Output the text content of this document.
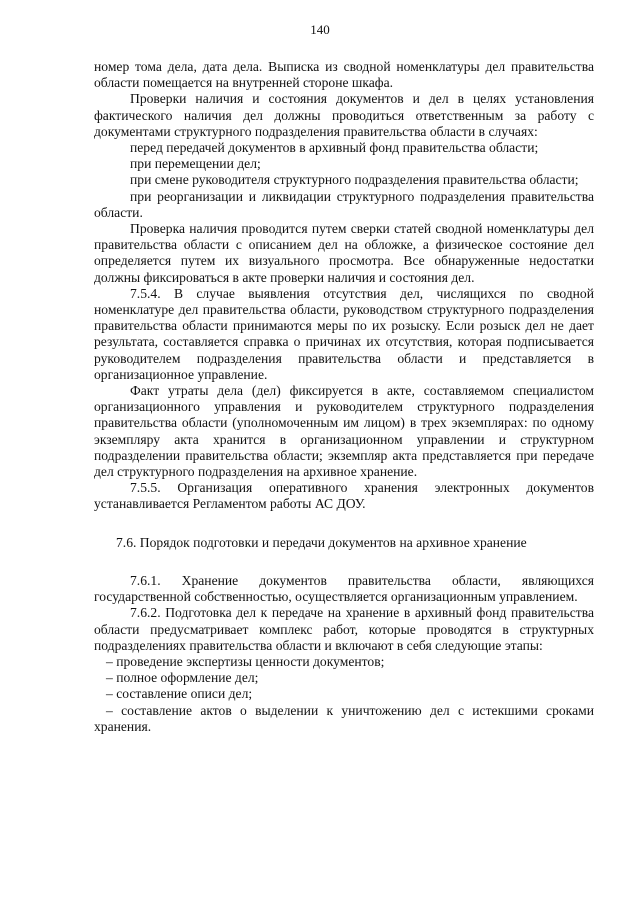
140

номер тома дела, дата дела. Выписка из сводной номенклатуры дел правительства области помещается на внутренней стороне шкафа.

Проверки наличия и состояния документов и дел в целях установления фактического наличия дел должны проводиться ответственным за работу с документами структурного подразделения правительства области в случаях:

перед передачей документов в архивный фонд правительства области;

при перемещении дел;

при смене руководителя структурного подразделения правительства области;

при реорганизации и ликвидации структурного подразделения правительства области.

Проверка наличия проводится путем сверки статей сводной номенклатуры дел правительства области с описанием дел на обложке, а физическое состояние дел определяется путем их визуального просмотра. Все обнаруженные недостатки должны фиксироваться в акте проверки наличия и состояния дел.

7.5.4. В случае выявления отсутствия дел, числящихся по сводной номенклатуре дел правительства области, руководством структурного подразделения правительства области принимаются меры по их розыску. Если розыск дел не дает результата, составляется справка о причинах их отсутствия, которая подписывается руководителем подразделения правительства области и представляется в организационное управление.

Факт утраты дела (дел) фиксируется в акте, составляемом специалистом организационного управления и руководителем структурного подразделения правительства области (уполномоченным им лицом) в трех экземплярах: по одному экземпляру акта хранится в организационном управлении и структурном подразделении правительства области; экземпляр акта представляется при передаче дел структурного подразделения на архивное хранение.

7.5.5. Организация оперативного хранения электронных документов устанавливается Регламентом работы АС ДОУ.

7.6. Порядок подготовки и передачи документов на архивное хранение

7.6.1. Хранение документов правительства области, являющихся государственной собственностью, осуществляется организационным управлением.

7.6.2. Подготовка дел к передаче на хранение в архивный фонд правительства области предусматривает комплекс работ, которые проводятся в структурных подразделениях правительства области и включают в себя следующие этапы:

– проведение экспертизы ценности документов;

– полное оформление дел;

– составление описи дел;

– составление актов о выделении к уничтожению дел с истекшими сроками хранения.
